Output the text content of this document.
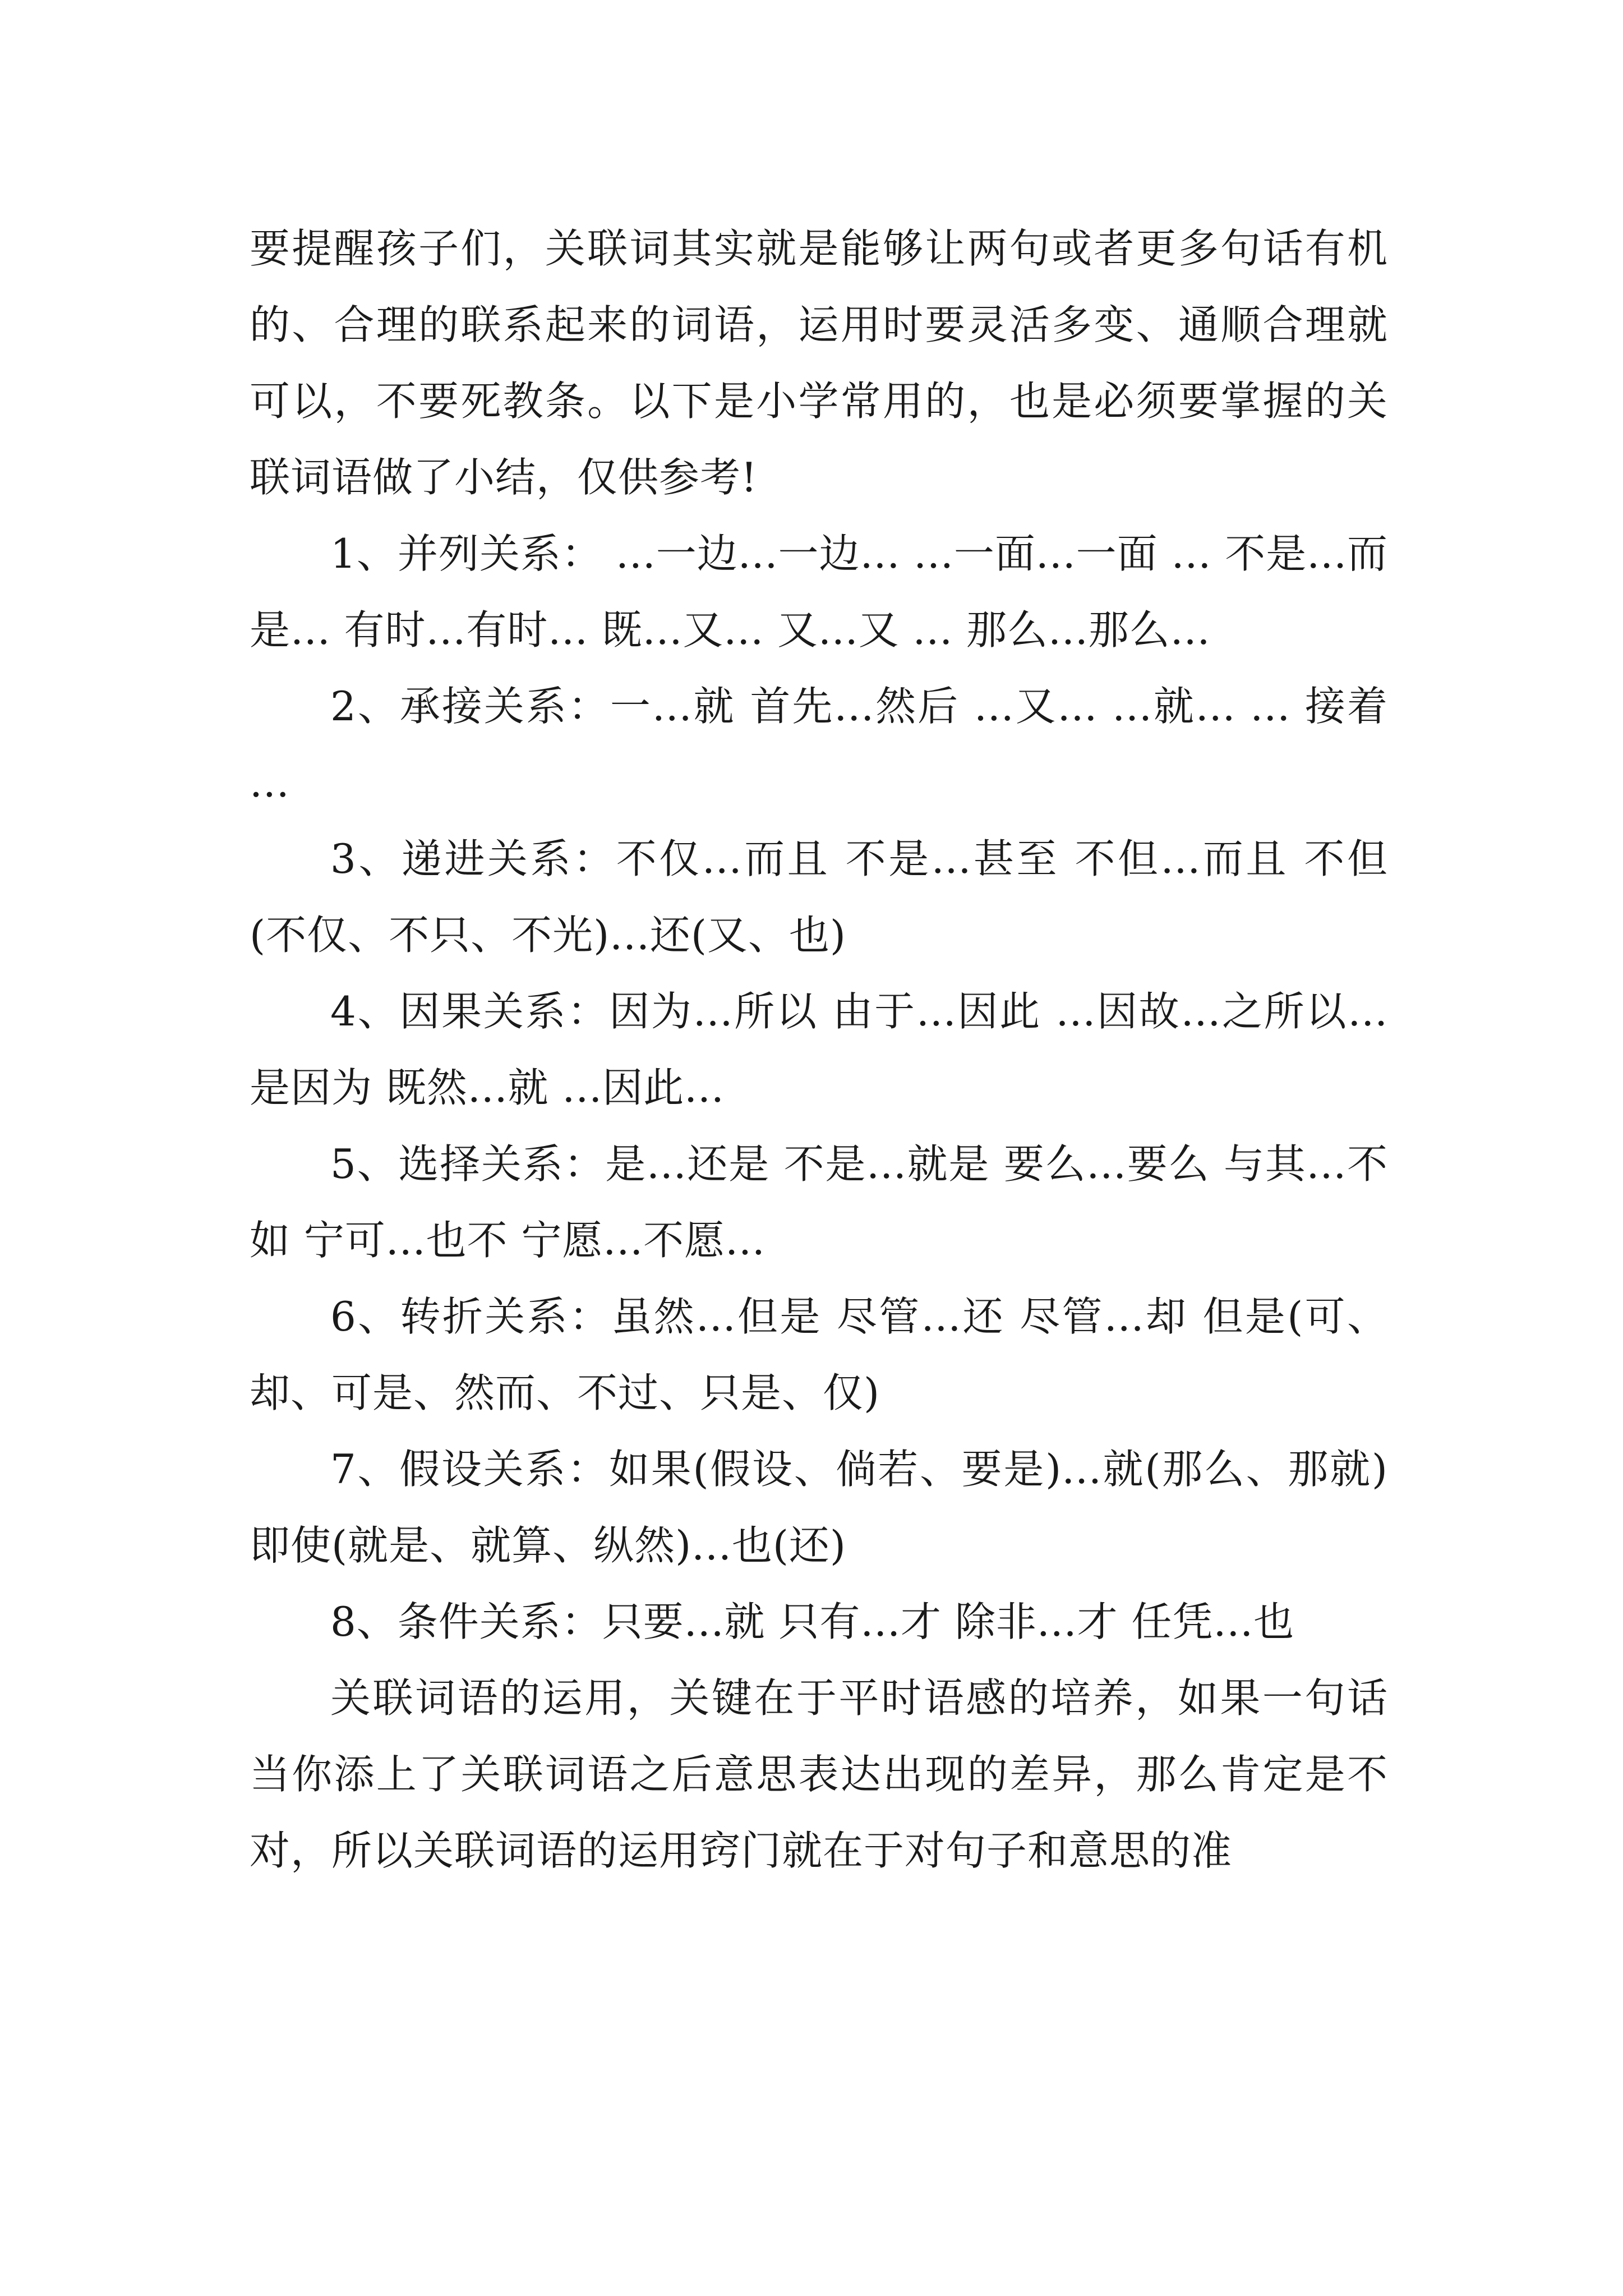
要提醒孩子们，关联词其实就是能够让两句或者更多句话有机的、合理的联系起来的词语，运用时要灵活多变、通顺合理就可以，不要死教条。以下是小学常用的，也是必须要掌握的关联词语做了小结，仅供参考!

1、并列关系： ...一边...一边... ...一面...一面 ... 不是...而是... 有时...有时... 既...又... 又...又 ... 那么...那么...

2、承接关系：一...就 首先...然后 ...又... ...就... ... 接着 ...

3、递进关系：不仅...而且 不是...甚至 不但...而且 不但(不仅、不只、不光)...还(又、也)

4、因果关系：因为...所以 由于...因此 ...因故...之所以...是因为 既然...就 ...因此...

5、选择关系：是...还是 不是...就是 要么...要么 与其...不如 宁可...也不 宁愿...不愿...

6、转折关系：虽然...但是 尽管...还 尽管...却 但是(可、却、可是、然而、不过、只是、仅)

7、假设关系：如果(假设、倘若、要是)...就(那么、那就) 即使(就是、就算、纵然)...也(还)

8、条件关系：只要...就 只有...才 除非...才 任凭...也

关联词语的运用，关键在于平时语感的培养，如果一句话当你添上了关联词语之后意思表达出现的差异，那么肯定是不对，所以关联词语的运用窍门就在于对句子和意思的准
